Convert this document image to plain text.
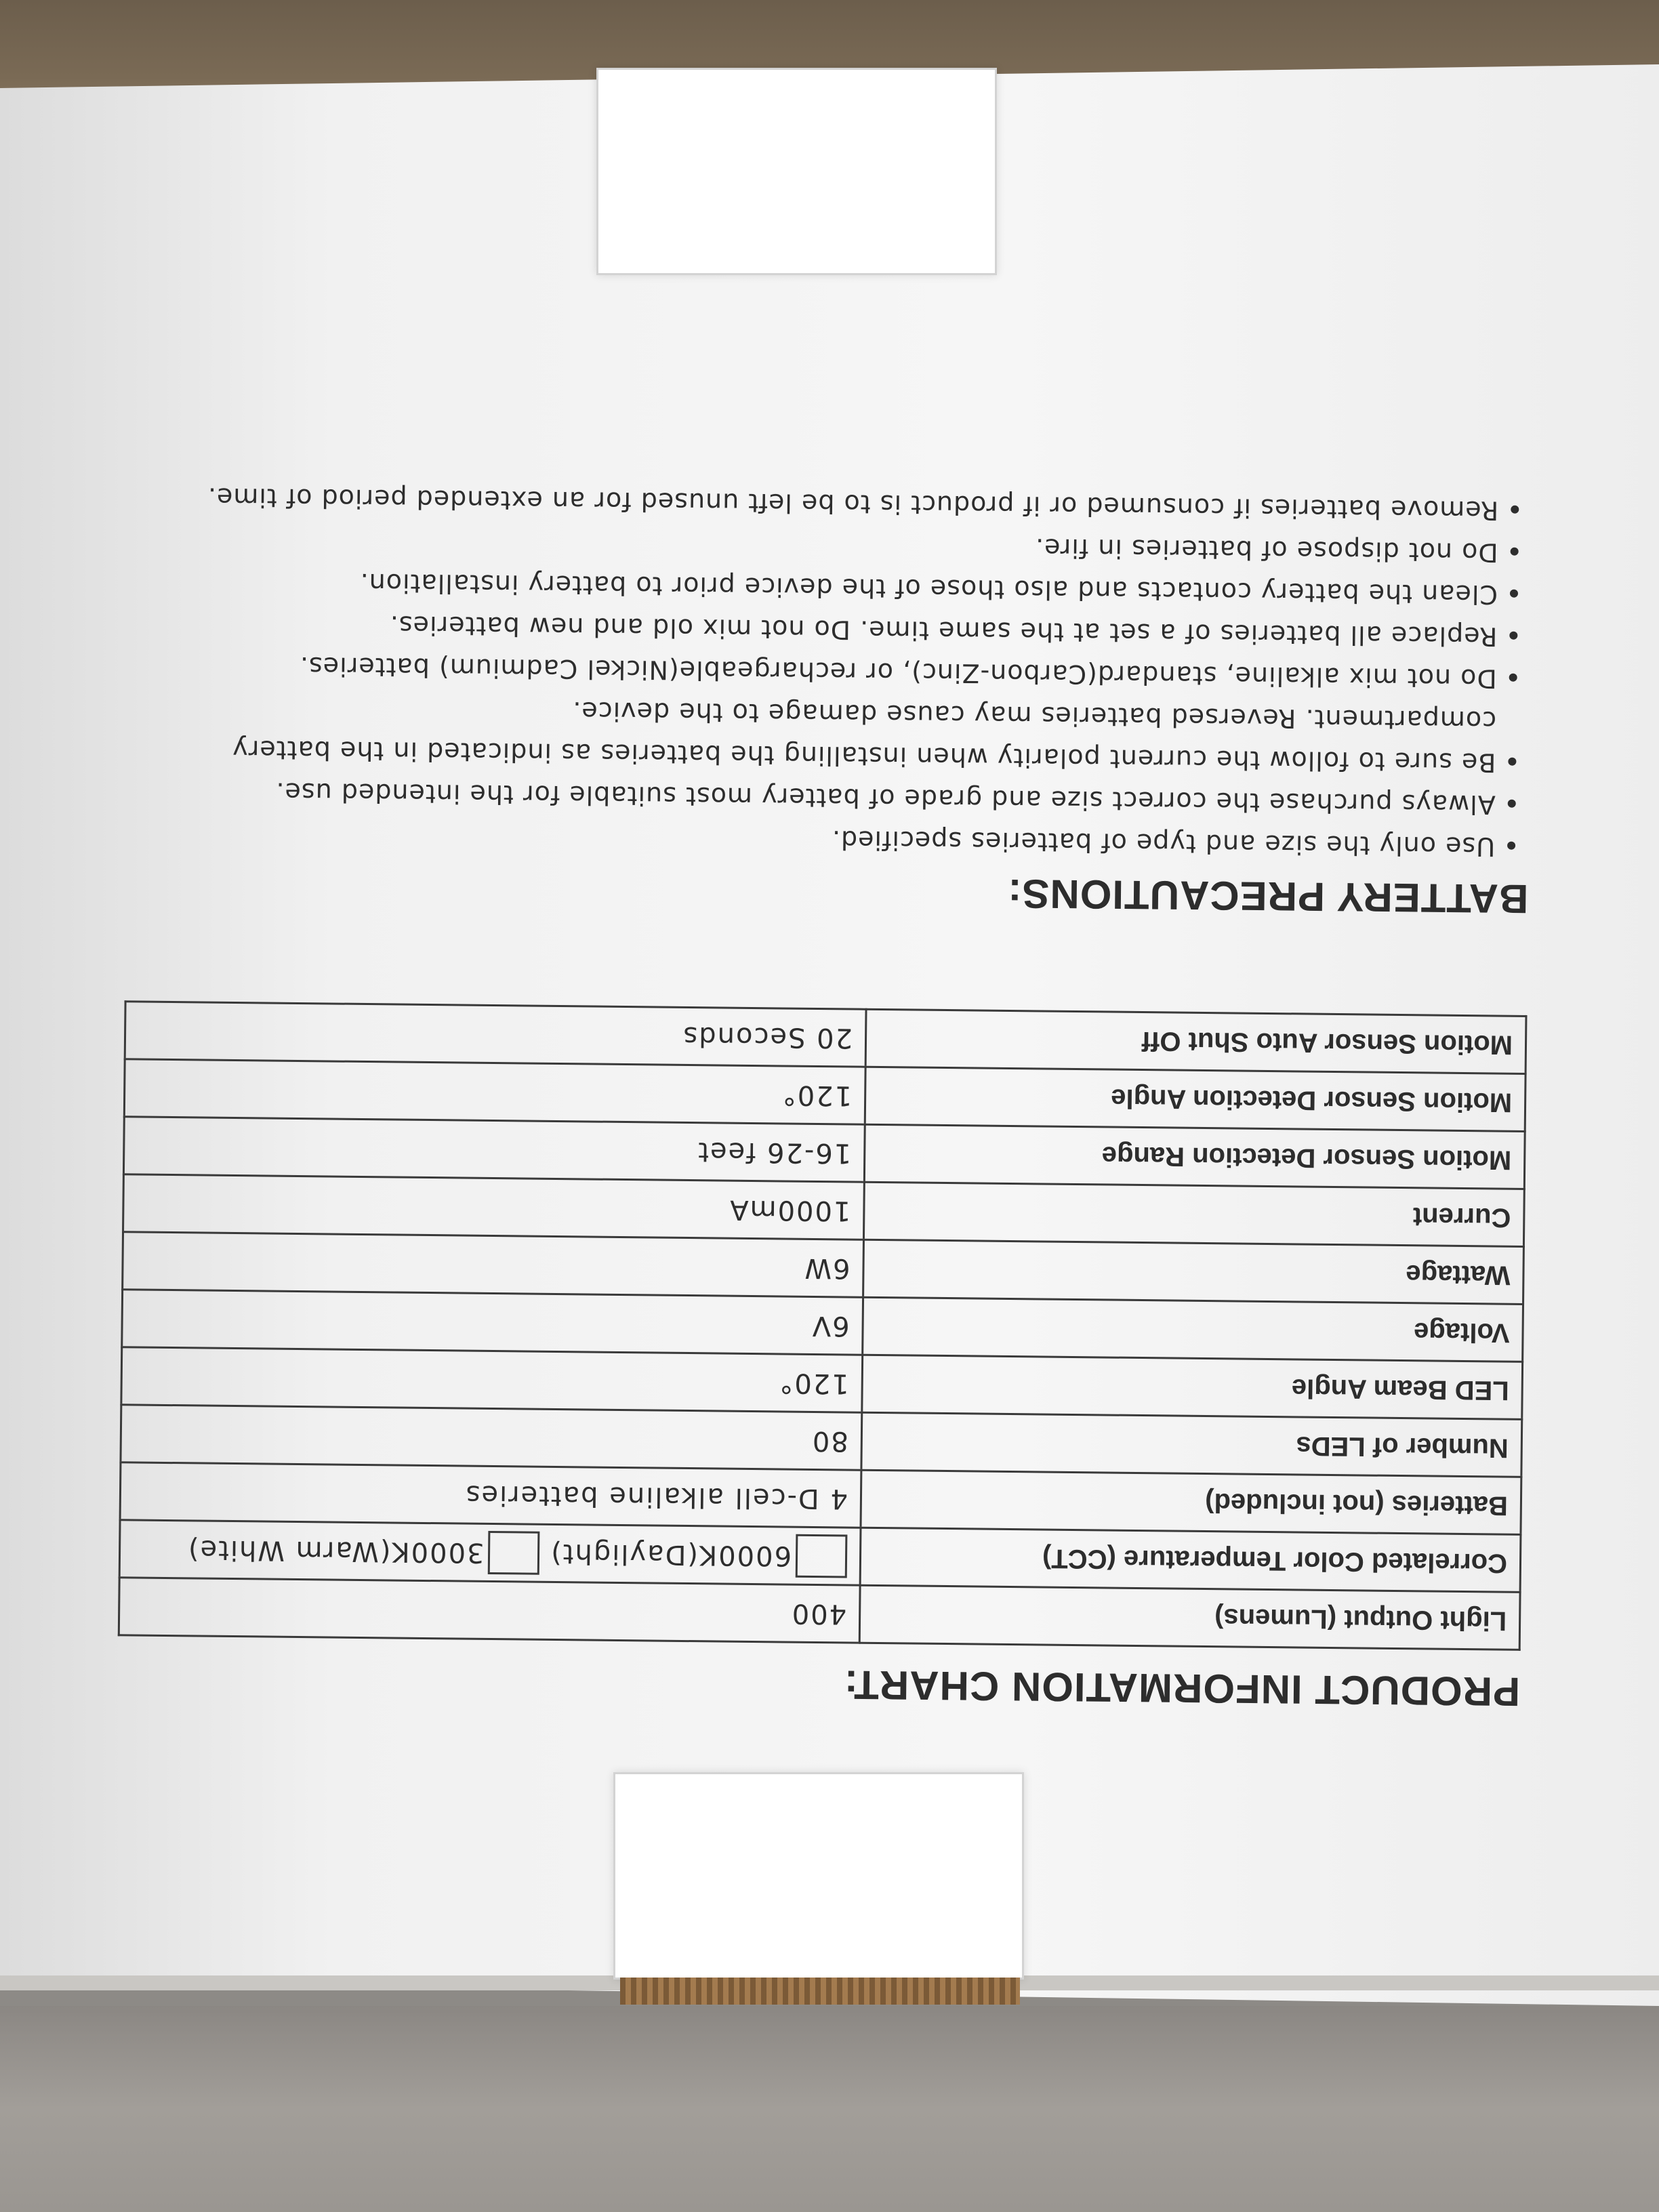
PRODUCT INFORMATION CHART:
Light Output (Lumens)	400
Correlated Color Temperature (CCT)	6000K(Daylight) 3000K(Warm White)
Batteries (not included)	4 D-cell alkaline batteries
Number of LEDs	80
LED Beam Angle	120°
Voltage	6V
Wattage	6W
Current	1000mA
Motion Sensor Detection Range	16-26 feet
Motion Sensor Detection Angle	120°
Motion Sensor Auto Shut Off	20 Seconds
BATTERY PRECAUTIONS:
• Use only the size and type of batteries specified.
• Always purchase the correct size and grade of battery most suitable for the intended use.
• Be sure to follow the current polarity when installing the batteries as indicated in the battery compartment. Reversed batteries may cause damage to the device.
• Do not mix alkaline, standard(Carbon-Zinc), or rechargeable(Nickel Cadmium) batteries.
• Replace all batteries of a set at the same time. Do not mix old and new batteries.
• Clean the battery contacts and also those of the device prior to battery installation.
• Do not dispose of batteries in fire.
• Remove batteries if consumed or if product is to be left unused for an extended period of time.
